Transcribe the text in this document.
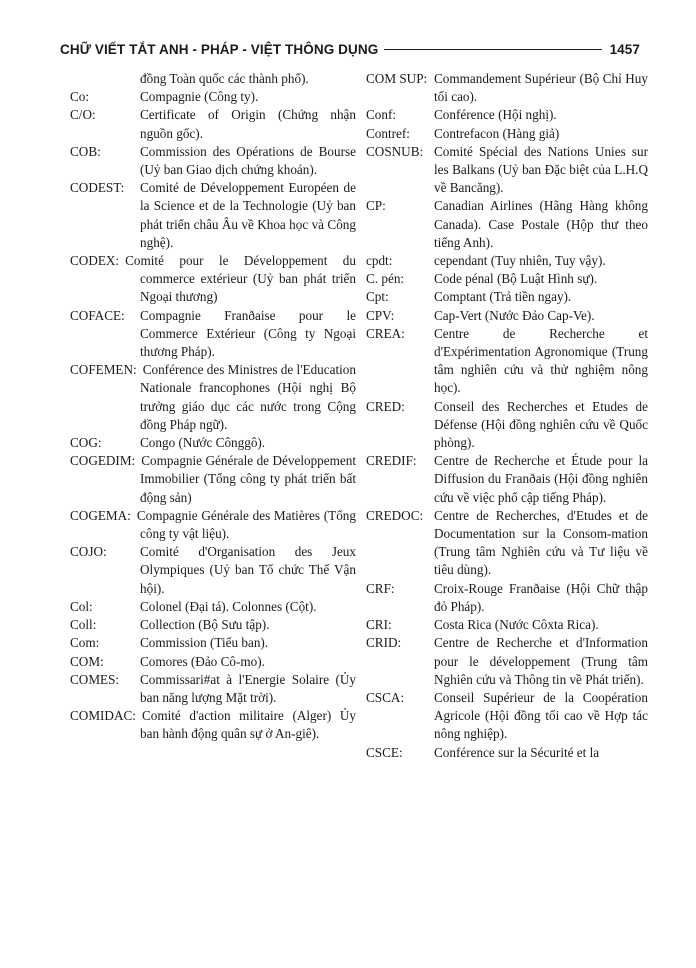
CHỮ VIẾT TẮT ANH - PHÁP - VIỆT THÔNG DỤNG	1457
đồng Toàn quốc các thành phố).
Co:	Compagnie (Công ty).
C/O:	Certificate of Origin (Chứng nhận nguồn gốc).
COB:	Commission des Opérations de Bourse (Uỷ ban Giao dịch chứng khoán).
CODEST: Comité de Développement Européen de la Science et de la Technologie (Uỷ ban phát triển châu Âu về Khoa học và Công nghệ).
CODEX: Comité pour le Développement du commerce extérieur (Uỷ ban phát triển Ngoại thương)
COFACE: Compagnie Franðaise pour le Commerce Extérieur (Công ty Ngoại thương Pháp).
COFEMEN: Conférence des Ministres de l'Education Nationale francophones (Hội nghị Bộ trưởng giáo dục các nước trong Cộng đồng Pháp ngữ).
COG:	Congo (Nước Cônggô).
COGEDIM: Compagnie Générale de Développement Immobilier (Tổng công ty phát triển bất động sản)
COGEMA: Compagnie Générale des Matières (Tổng công ty vật liệu).
COJO:	Comité d'Organisation des Jeux Olympiques (Uỷ ban Tổ chức Thế Vận hội).
Col:	Colonel (Đại tá). Colonnes (Cột).
Coll:	Collection (Bộ Sưu tập).
Com:	Commission (Tiểu ban).
COM:	Comores (Đảo Cô-mo).
COMES: Commissari#at à l'Energie Solaire (Ủy ban năng lượng Mặt trời).
COMIDAC: Comité d'action militaire (Alger) Ủy ban hành động quân sự ở An-giê).
COM SUP: Commandement Supérieur (Bộ Chỉ Huy tối cao).
Conf:	Conférence (Hội nghị).
Contref: Contrefacon (Hàng giả)
COSNUB: Comité Spécial des Nations Unies sur les Balkans (Uỷ ban Đặc biệt của L.H.Q về Bancăng).
CP:	Canadian Airlines (Hãng Hàng không Canada). Case Postale (Hộp thư theo tiếng Anh).
cpdt:	cependant (Tuy nhiên, Tuy vậy).
C. pén: Code pénal (Bộ Luật Hình sự).
Cpt:	Comptant (Trả tiền ngay).
CPV:	Cap-Vert (Nước Đảo Cap-Ve).
CREA: Centre de Recherche et d'Expérimentation Agronomique (Trung tâm nghiên cứu và thử nghiệm nông học).
CRED: Conseil des Recherches et Etudes de Défense (Hội đồng nghiên cứu về Quốc phòng).
CREDIF: Centre de Recherche et Étude pour la Diffusion du Franðais (Hội đồng nghiên cứu về việc phổ cập tiếng Pháp).
CREDOC: Centre de Recherches, d'Etudes et de Documentation sur la Consom-mation (Trung tâm Nghiên cứu và Tư liệu về tiêu dùng).
CRF:	Croix-Rouge Franðaise (Hội Chữ thập đỏ Pháp).
CRI:	Costa Rica (Nước Côxta Rica).
CRID: Centre de Recherche et d'Information pour le développement (Trung tâm Nghiên cứu và Thông tin về Phát triển).
CSCA: Conseil Supérieur de la Coopération Agricole (Hội đồng tối cao về Hợp tác nông nghiệp).
CSCE: Conférence sur la Sécurité et la
